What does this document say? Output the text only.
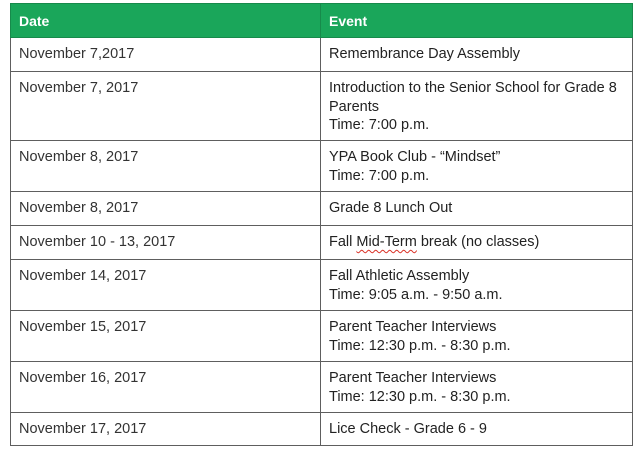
Date	Event
November 7,2017	Remembrance Day Assembly

November 7, 2017	Introduction to the Senior School for Grade 8
Parents
Time: 7:00 p.m.

November 8, 2017	YPA Book Club - “Mindset”
Time: 7:00 p.m.

November 8, 2017	Grade 8 Lunch Out

November 10 - 13, 2017	Fall Mid-Term break (no classes)
November 14, 2017	Fall Athletic Assembly
Time: 9:05 a.m. - 9:50 a.m.

November 15, 2017	Parent Teacher Interviews
Time: 12:30 p.m. - 8:30 p.m.

November 16, 2017	Parent Teacher Interviews
Time: 12:30 p.m. - 8:30 p.m.

November 17, 2017	Lice Check - Grade 6 - 9
